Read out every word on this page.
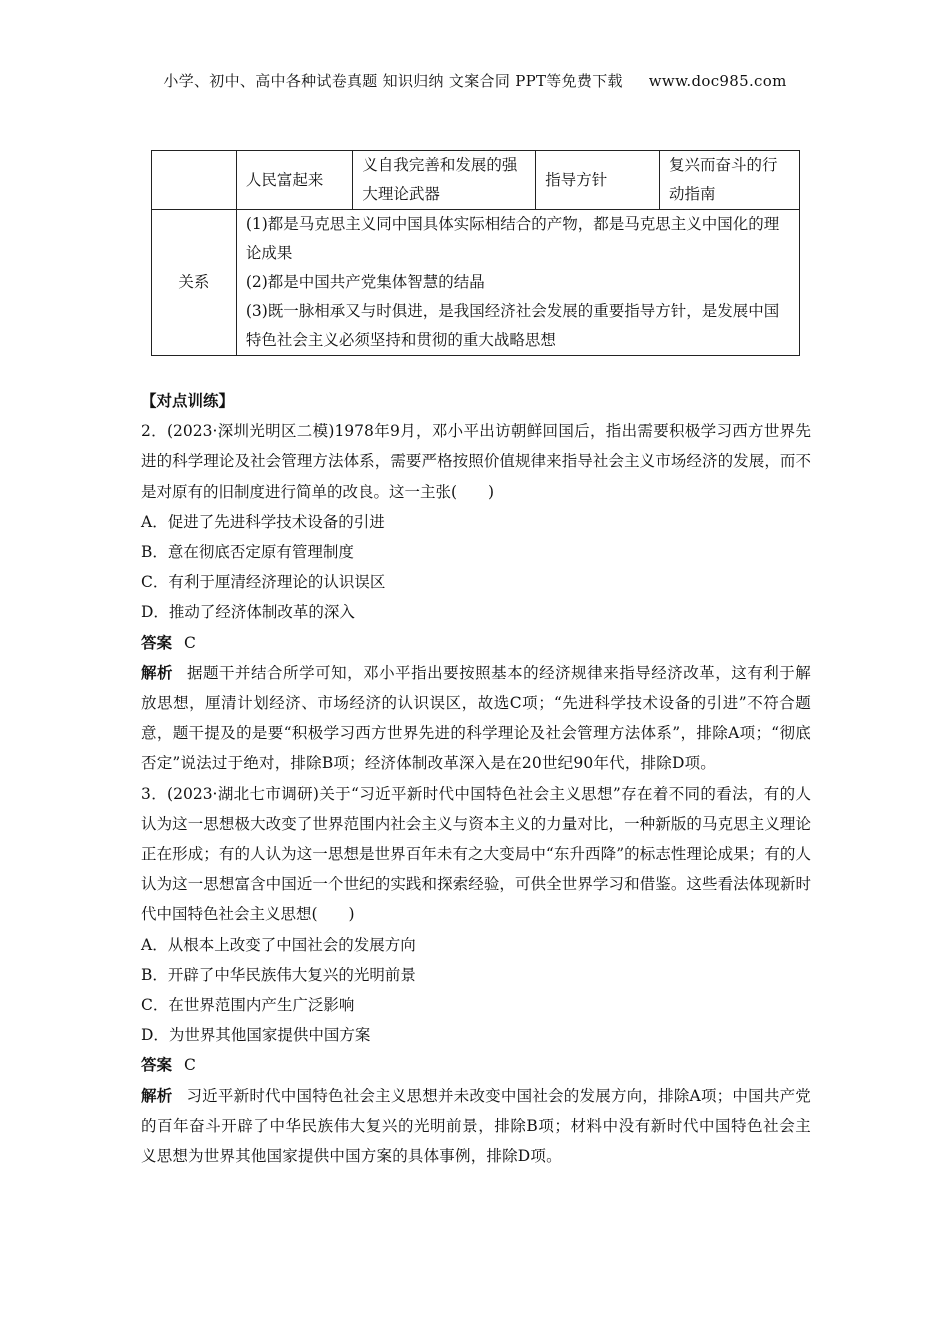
小学、初中、高中各种试卷真题 知识归纳 文案合同 PPT等免费下载 www.doc985.com
	人民富起来	义自我完善和发展的强大理论武器	指导方针	复兴而奋斗的行动指南
关系	(1)都是马克思主义同中国具体实际相结合的产物，都是马克思主义中国化的理论成果
(2)都是中国共产党集体智慧的结晶
(3)既一脉相承又与时俱进，是我国经济社会发展的重要指导方针，是发展中国特色社会主义必须坚持和贯彻的重大战略思想			

【对点训练】

2．(2023·深圳光明区二模)1978年9月，邓小平出访朝鲜回国后，指出需要积极学习西方世界先进的科学理论及社会管理方法体系，需要严格按照价值规律来指导社会主义市场经济的发展，而不是对原有的旧制度进行简单的改良。这一主张(　　)

A．促进了先进科学技术设备的引进

B．意在彻底否定原有管理制度

C．有利于厘清经济理论的认识误区

D．推动了经济体制改革的深入

答案 C

解析 据题干并结合所学可知，邓小平指出要按照基本的经济规律来指导经济改革，这有利于解放思想，厘清计划经济、市场经济的认识误区，故选C项；“先进科学技术设备的引进”不符合题意，题干提及的是要“积极学习西方世界先进的科学理论及社会管理方法体系”，排除A项；“彻底否定”说法过于绝对，排除B项；经济体制改革深入是在20世纪90年代，排除D项。

3．(2023·湖北七市调研)关于“习近平新时代中国特色社会主义思想”存在着不同的看法，有的人认为这一思想极大改变了世界范围内社会主义与资本主义的力量对比，一种新版的马克思主义理论正在形成；有的人认为这一思想是世界百年未有之大变局中“东升西降”的标志性理论成果；有的人认为这一思想富含中国近一个世纪的实践和探索经验，可供全世界学习和借鉴。这些看法体现新时代中国特色社会主义思想(　　)

A．从根本上改变了中国社会的发展方向

B．开辟了中华民族伟大复兴的光明前景

C．在世界范围内产生广泛影响

D．为世界其他国家提供中国方案

答案 C

解析 习近平新时代中国特色社会主义思想并未改变中国社会的发展方向，排除A项；中国共产党的百年奋斗开辟了中华民族伟大复兴的光明前景，排除B项；材料中没有新时代中国特色社会主义思想为世界其他国家提供中国方案的具体事例，排除D项。
